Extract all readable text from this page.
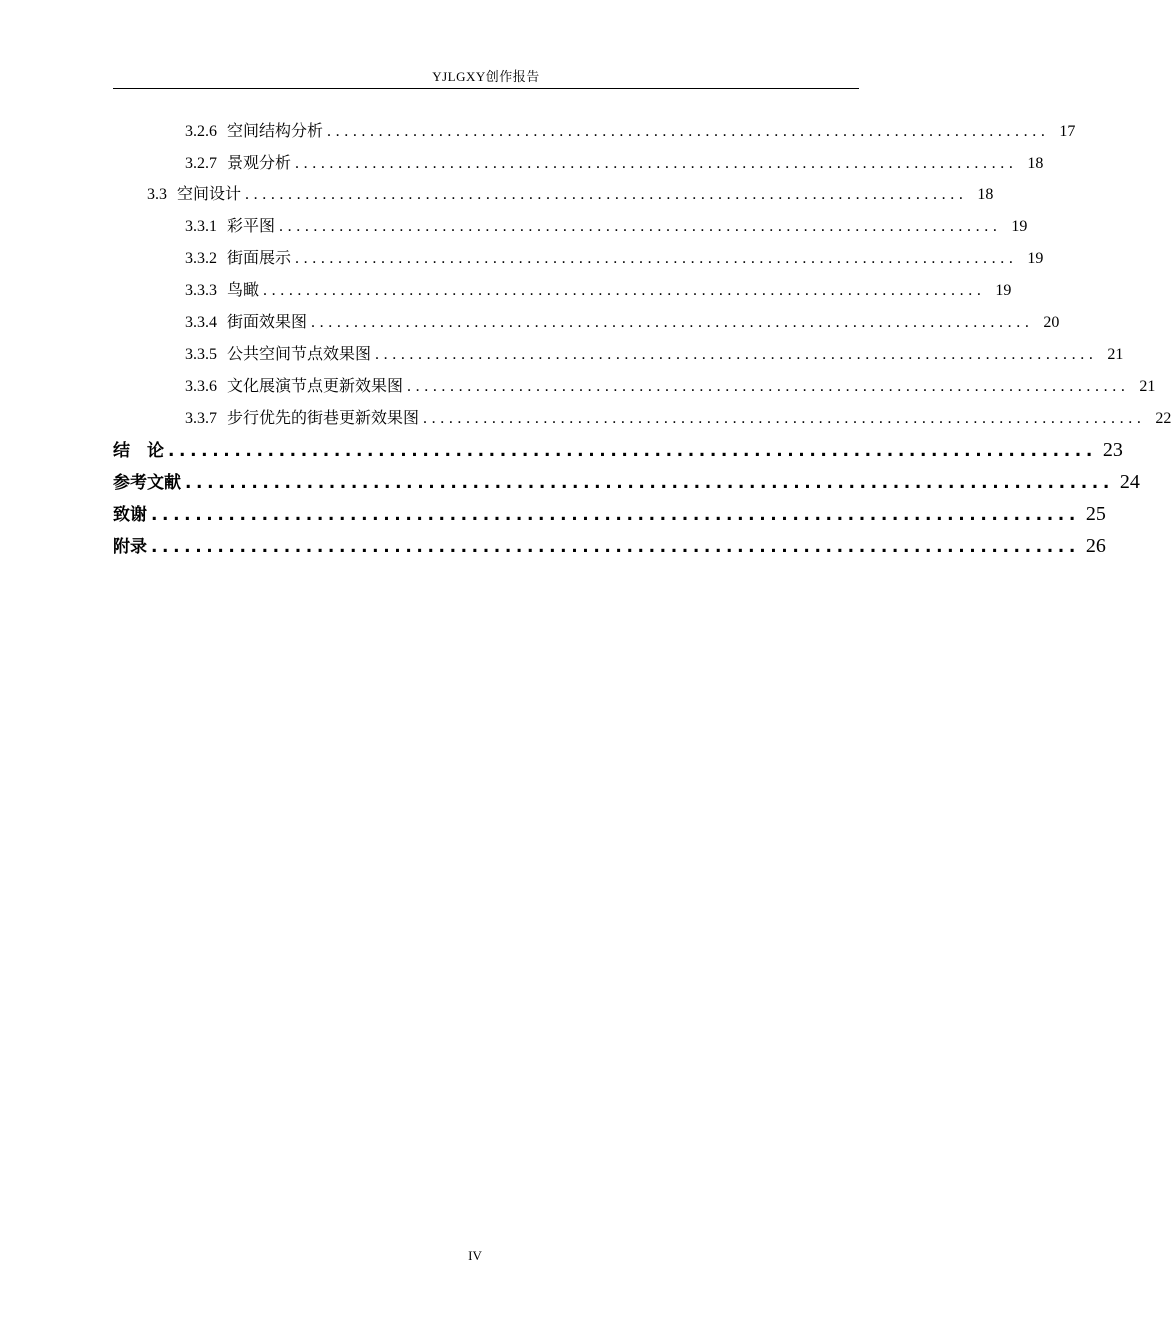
YJLGXY创作报告
3.2.6 空间结构分析 .................................................................................... 17
3.2.7 景观分析 .................................................................................... 18
3.3 空间设计 .................................................................................... 18
3.3.1 彩平图 .................................................................................... 19
3.3.2 街面展示 .................................................................................... 19
3.3.3 鸟瞰 .................................................................................... 19
3.3.4 街面效果图 .................................................................................... 20
3.3.5 公共空间节点效果图 .................................................................................... 21
3.3.6 文化展演节点更新效果图 .................................................................................... 21
3.3.7 步行优先的街巷更新效果图 .................................................................................... 22
结　论 .................................................................................... 23
参考文献 .................................................................................... 24
致谢 .................................................................................... 25
附录 .................................................................................... 26
IV
